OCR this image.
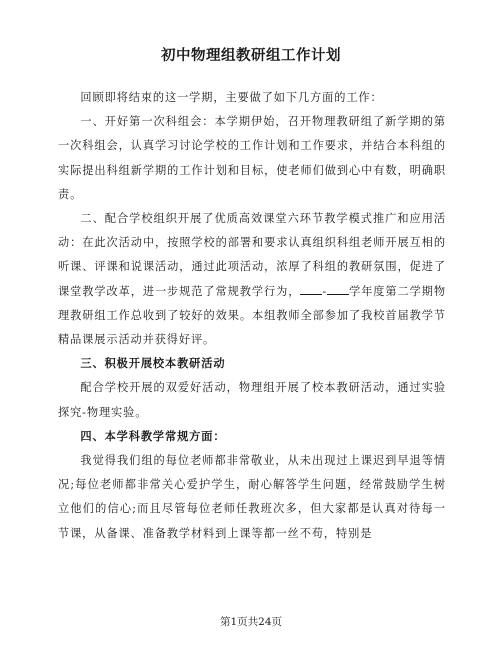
初中物理组教研组工作计划

回顾即将结束的这一学期，主要做了如下几方面的工作：

一、开好第一次科组会：本学期伊始，召开物理教研组了新学期的第一次科组会，认真学习讨论学校的工作计划和工作要求，并结合本科组的实际提出科组新学期的工作计划和目标，使老师们做到心中有数，明确职责。

二、配合学校组织开展了优质高效课堂六环节教学模式推广和应用活动：在此次活动中，按照学校的部署和要求认真组织科组老师开展互相的听课、评课和说课活动，通过此项活动，浓厚了科组的教研氛围，促进了课堂教学改革，进一步规范了常规教学行为， - 学年度第二学期物理教研组工作总收到了较好的效果。本组教师全部参加了我校首届教学节精品课展示活动并获得好评。

三、积极开展校本教研活动

配合学校开展的双爱好活动，物理组开展了校本教研活动，通过实验探究-物理实验。

四、本学科教学常规方面：

我觉得我们组的每位老师都非常敬业，从未出现过上课迟到早退等情况;每位老师都非常关心爱护学生，耐心解答学生问题，经常鼓励学生树立他们的信心;而且尽管每位老师任教班次多，但大家都是认真对待每一节课，从备课、准备教学材料到上课等都一丝不苟，特别是

第1页共24页
